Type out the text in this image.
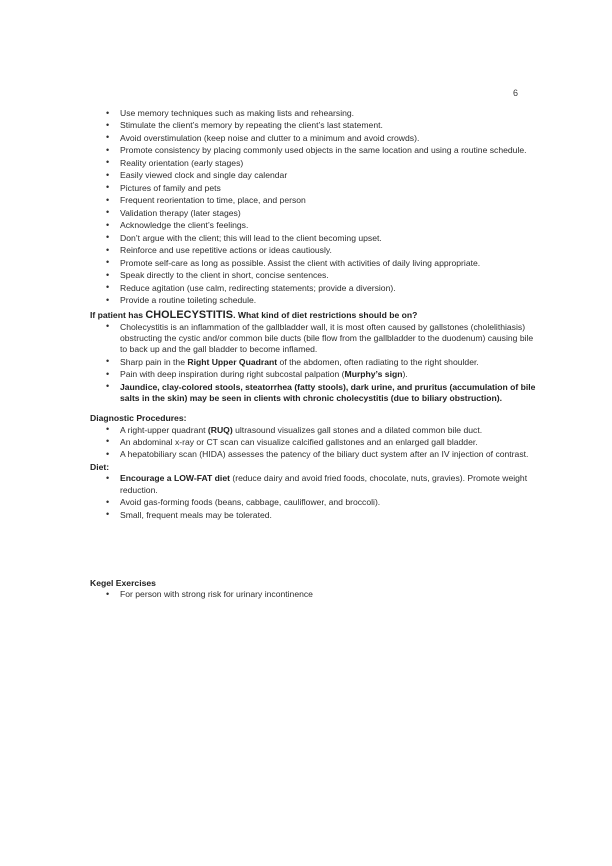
6
• Use memory techniques such as making lists and rehearsing.
• Stimulate the client’s memory by repeating the client’s last statement.
• Avoid overstimulation (keep noise and clutter to a minimum and avoid crowds).
• Promote consistency by placing commonly used objects in the same location and using a routine schedule.
• Reality orientation (early stages)
• Easily viewed clock and single day calendar
• Pictures of family and pets
• Frequent reorientation to time, place, and person
• Validation therapy (later stages)
• Acknowledge the client’s feelings.
• Don’t argue with the client; this will lead to the client becoming upset.
• Reinforce and use repetitive actions or ideas cautiously.
• Promote self-care as long as possible. Assist the client with activities of daily living appropriate.
• Speak directly to the client in short, concise sentences.
• Reduce agitation (use calm, redirecting statements; provide a diversion).
• Provide a routine toileting schedule.

If patient has CHOLECYSTITIS. What kind of diet restrictions should be on?

• Cholecystitis is an inflammation of the gallbladder wall, it is most often caused by gallstones (cholelithiasis) obstructing the cystic and/or common bile ducts (bile flow from the gallbladder to the duodenum) causing bile to back up and the gall bladder to become inflamed.
• Sharp pain in the Right Upper Quadrant of the abdomen, often radiating to the right shoulder.
• Pain with deep inspiration during right subcostal palpation (Murphy’s sign).
• Jaundice, clay-colored stools, steatorrhea (fatty stools), dark urine, and pruritus (accumulation of bile salts in the skin) may be seen in clients with chronic cholecystitis (due to biliary obstruction).

Diagnostic Procedures:

• A right-upper quadrant (RUQ) ultrasound visualizes gall stones and a dilated common bile duct.
• An abdominal x-ray or CT scan can visualize calcified gallstones and an enlarged gall bladder.
• A hepatobiliary scan (HIDA) assesses the patency of the biliary duct system after an IV injection of contrast.

Diet:

• Encourage a LOW-FAT diet (reduce dairy and avoid fried foods, chocolate, nuts, gravies). Promote weight reduction.
• Avoid gas-forming foods (beans, cabbage, cauliflower, and broccoli).
• Small, frequent meals may be tolerated.

Kegel Exercises

• For person with strong risk for urinary incontinence
